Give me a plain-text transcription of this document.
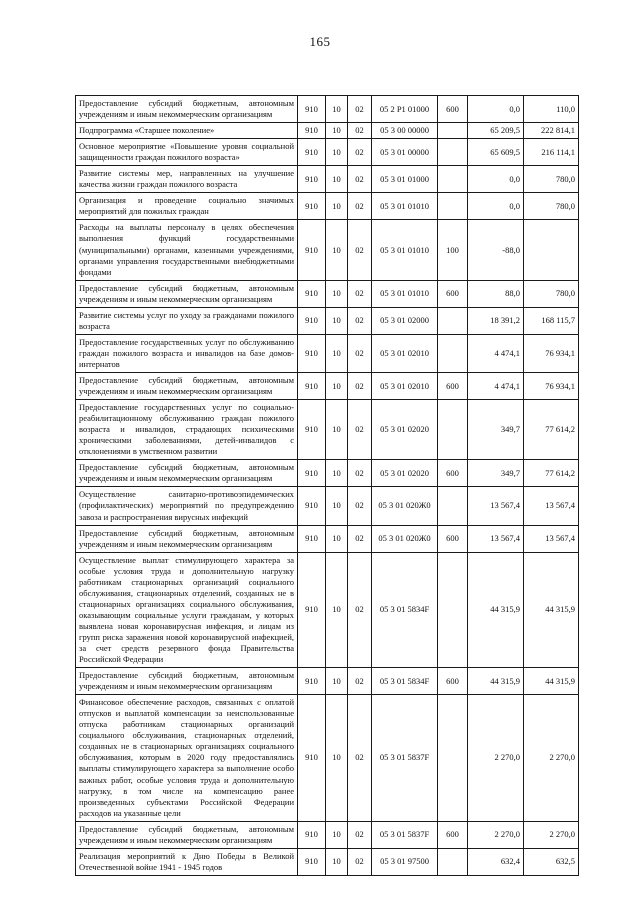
165
Предоставление субсидий бюджетным, автономным учреждениям и иным некоммерческим организациям	910	10	02	05 2 P1 01000	600	0,0	110,0
Подпрограмма «Старшее поколение»	910	10	02	05 3 00 00000		65 209,5	222 814,1
Основное мероприятие «Повышение уровня социальной защищенности граждан пожилого возраста»	910	10	02	05 3 01 00000		65 609,5	216 114,1
Развитие системы мер, направленных на улучшение качества жизни граждан пожилого возраста	910	10	02	05 3 01 01000		0,0	780,0
Организация и проведение социально значимых мероприятий для пожилых граждан	910	10	02	05 3 01 01010		0,0	780,0
Расходы на выплаты персоналу в целях обеспечения выполнения функций государственными (муниципальными) органами, казенными учреждениями, органами управления государственными внебюджетными фондами	910	10	02	05 3 01 01010	100	-88,0	
Предоставление субсидий бюджетным, автономным учреждениям и иным некоммерческим организациям	910	10	02	05 3 01 01010	600	88,0	780,0
Развитие системы услуг по уходу за гражданами пожилого возраста	910	10	02	05 3 01 02000		18 391,2	168 115,7
Предоставление государственных услуг по обслуживанию граждан пожилого возраста и инвалидов на базе домов-интернатов	910	10	02	05 3 01 02010		4 474,1	76 934,1
Предоставление субсидий бюджетным, автономным учреждениям и иным некоммерческим организациям	910	10	02	05 3 01 02010	600	4 474,1	76 934,1
Предоставление государственных услуг по социально-реабилитационному обслуживанию граждан пожилого возраста и инвалидов, страдающих психическими хроническими заболеваниями, детей-инвалидов с отклонениями в умственном развитии	910	10	02	05 3 01 02020		349,7	77 614,2
Предоставление субсидий бюджетным, автономным учреждениям и иным некоммерческим организациям	910	10	02	05 3 01 02020	600	349,7	77 614,2
Осуществление санитарно-противоэпидемических (профилактических) мероприятий по предупреждению завоза и распространения вирусных инфекций	910	10	02	05 3 01 020Ж0		13 567,4	13 567,4
Предоставление субсидий бюджетным, автономным учреждениям и иным некоммерческим организациям	910	10	02	05 3 01 020Ж0	600	13 567,4	13 567,4
Осуществление выплат стимулирующего характера за особые условия труда и дополнительную нагрузку работникам стационарных организаций социального обслуживания, стационарных отделений, созданных не в стационарных организациях социального обслуживания, оказывающим социальные услуги гражданам, у которых выявлена новая коронавирусная инфекция, и лицам из групп риска заражения новой коронавирусной инфекцией, за счет средств резервного фонда Правительства Российской Федерации	910	10	02	05 3 01 5834F		44 315,9	44 315,9
Предоставление субсидий бюджетным, автономным учреждениям и иным некоммерческим организациям	910	10	02	05 3 01 5834F	600	44 315,9	44 315,9
Финансовое обеспечение расходов, связанных с оплатой отпусков и выплатой компенсации за неиспользованные отпуска работникам стационарных организаций социального обслуживания, стационарных отделений, созданных не в стационарных организациях социального обслуживания, которым в 2020 году предоставлялись выплаты стимулирующего характера за выполнение особо важных работ, особые условия труда и дополнительную нагрузку, в том числе на компенсацию ранее произведенных субъектами Российской Федерации расходов на указанные цели	910	10	02	05 3 01 5837F		2 270,0	2 270,0
Предоставление субсидий бюджетным, автономным учреждениям и иным некоммерческим организациям	910	10	02	05 3 01 5837F	600	2 270,0	2 270,0
Реализация мероприятий к Дню Победы в Великой Отечественной войне 1941 - 1945 годов	910	10	02	05 3 01 97500		632,4	632,5
